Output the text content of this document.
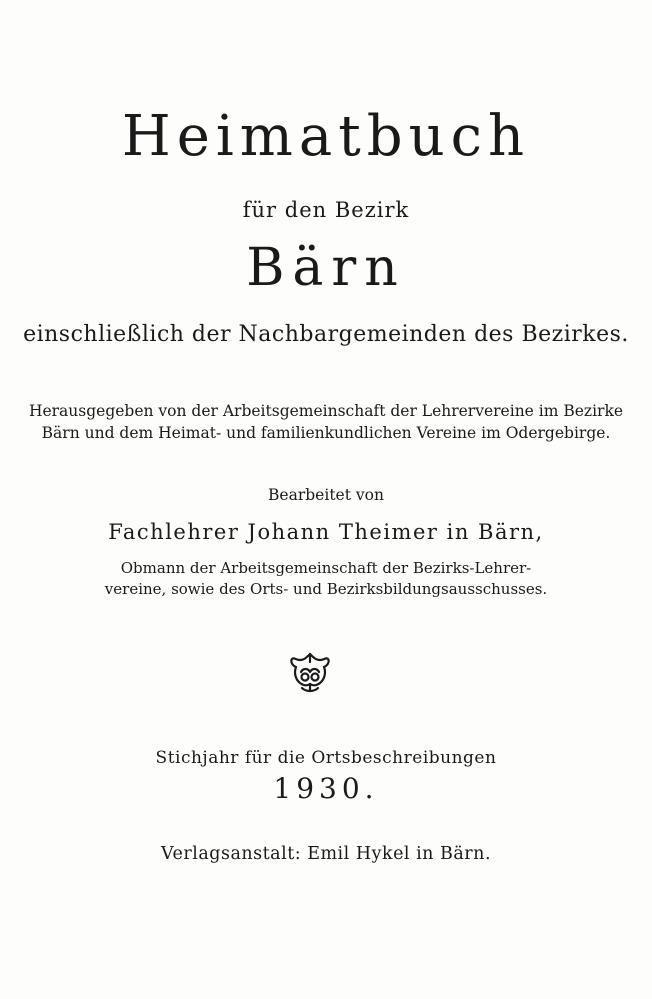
Heimatbuch
für den Bezirk
Bärn
einschließlich der Nachbargemeinden des Bezirkes.
Herausgegeben von der Arbeitsgemeinschaft der Lehrervereine im Bezirke
Bärn und dem Heimat- und familienkundlichen Vereine im Odergebirge.
Bearbeitet von
Fachlehrer Johann Theimer in Bärn,
Obmann der Arbeitsgemeinschaft der Bezirks-Lehrer-
vereine, sowie des Orts- und Bezirksbildungsausschusses.
Stichjahr für die Ortsbeschreibungen
1930.
Verlagsanstalt: Emil Hykel in Bärn.
